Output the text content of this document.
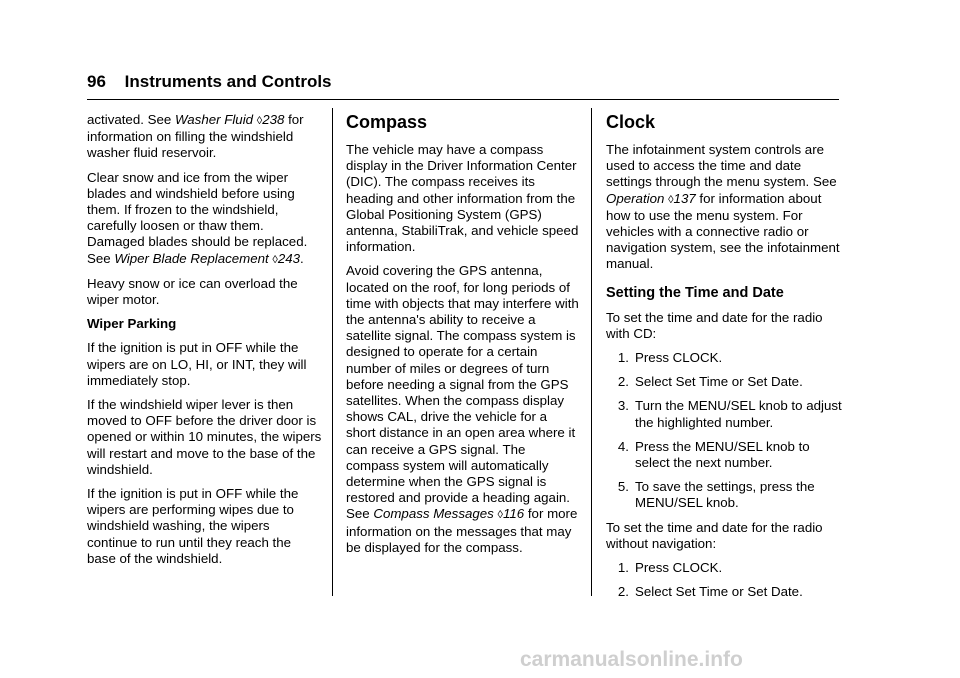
96 Instruments and Controls

activated. See Washer Fluid ◊238 for information on filling the windshield washer fluid reservoir.

Clear snow and ice from the wiper blades and windshield before using them. If frozen to the windshield, carefully loosen or thaw them. Damaged blades should be replaced. See Wiper Blade Replacement ◊243.

Heavy snow or ice can overload the wiper motor.

Wiper Parking

If the ignition is put in OFF while the wipers are on LO, HI, or INT, they will immediately stop.

If the windshield wiper lever is then moved to OFF before the driver door is opened or within 10 minutes, the wipers will restart and move to the base of the windshield.

If the ignition is put in OFF while the wipers are performing wipes due to windshield washing, the wipers continue to run until they reach the base of the windshield.

Compass

The vehicle may have a compass display in the Driver Information Center (DIC). The compass receives its heading and other information from the Global Positioning System (GPS) antenna, StabiliTrak, and vehicle speed information.

Avoid covering the GPS antenna, located on the roof, for long periods of time with objects that may interfere with the antenna's ability to receive a satellite signal. The compass system is designed to operate for a certain number of miles or degrees of turn before needing a signal from the GPS satellites. When the compass display shows CAL, drive the vehicle for a short distance in an open area where it can receive a GPS signal. The compass system will automatically determine when the GPS signal is restored and provide a heading again. See Compass Messages ◊116 for more information on the messages that may be displayed for the compass.

Clock

The infotainment system controls are used to access the time and date settings through the menu system. See Operation ◊137 for information about how to use the menu system. For vehicles with a connective radio or navigation system, see the infotainment manual.

Setting the Time and Date

To set the time and date for the radio with CD:

1. Press CLOCK.
2. Select Set Time or Set Date.
3. Turn the MENU/SEL knob to adjust the highlighted number.
4. Press the MENU/SEL knob to select the next number.
5. To save the settings, press the MENU/SEL knob.

To set the time and date for the radio without navigation:

1. Press CLOCK.
2. Select Set Time or Set Date.
carmanualsonline.info
